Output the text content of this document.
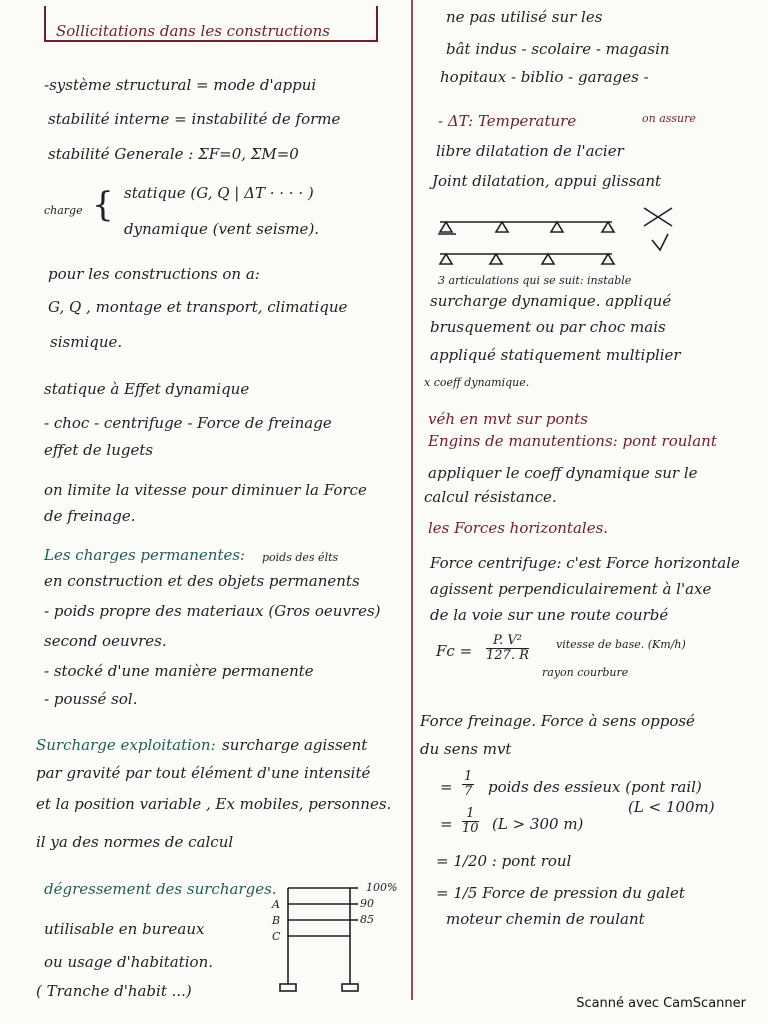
Sollicitations dans les constructions
-système structural = mode d'appui
stabilité interne = instabilité de forme
stabilité Generale : ΣF=0, ΣM=0
charge { statique (G, Q | ΔT · · · · )
dynamique (vent seisme).
pour les constructions on a:
G, Q , montage et transport, climatique
sismique.
statique à Effet dynamique
- choc - centrifuge - Force de freinage
effet de lugets
on limite la vitesse pour diminuer la Force
de freinage.
Les charges permanentes: poids des élts
en construction et des objets permanents
- poids propre des materiaux (Gros oeuvres)
second oeuvres.
- stocké d'une manière permanente
- poussé sol.
Surcharge exploitation: surcharge agissent
par gravité par tout élément d'une intensité
et la position variable , Ex mobiles, personnes.
il ya des normes de calcul
dégressement des surcharges.
utilisable en bureaux
ou usage d'habitation.
( Tranche d'habit ...)
100%
90
85
A
B
C
ne pas utilisé sur les
bât indus - scolaire - magasin
hopitaux - biblio - garages -
- ΔT: Temperature	on assure
libre dilatation de l'acier
Joint dilatation, appui glissant
3 articulations qui se suit: instable
surcharge dynamique. appliqué
brusquement ou par choc mais
appliqué statiquement multiplier
x coeff dynamique.
véh en mvt sur ponts
Engins de manutentions: pont roulant
appliquer le coeff dynamique sur le
calcul résistance.
les Forces horizontales.
Force centrifuge: c'est Force horizontale
agissent perpendiculairement à l'axe
de la voie sur une route courbé
$Fc = \frac{\text{P. V²}}{127. R}$ vitesse de base. (Km/h)
rayon courbure
Force freinage. Force à sens opposé
du sens mvt
= $\frac{1}{7}$ poids des essieux (pont rail)
(L < 100m)
= $\frac{1}{10} (L > 300$ m)
= 1/20 : pont roul
= 1/5 Force de pression du galet
moteur chemin de roulant
Scanné avec CamScanner
